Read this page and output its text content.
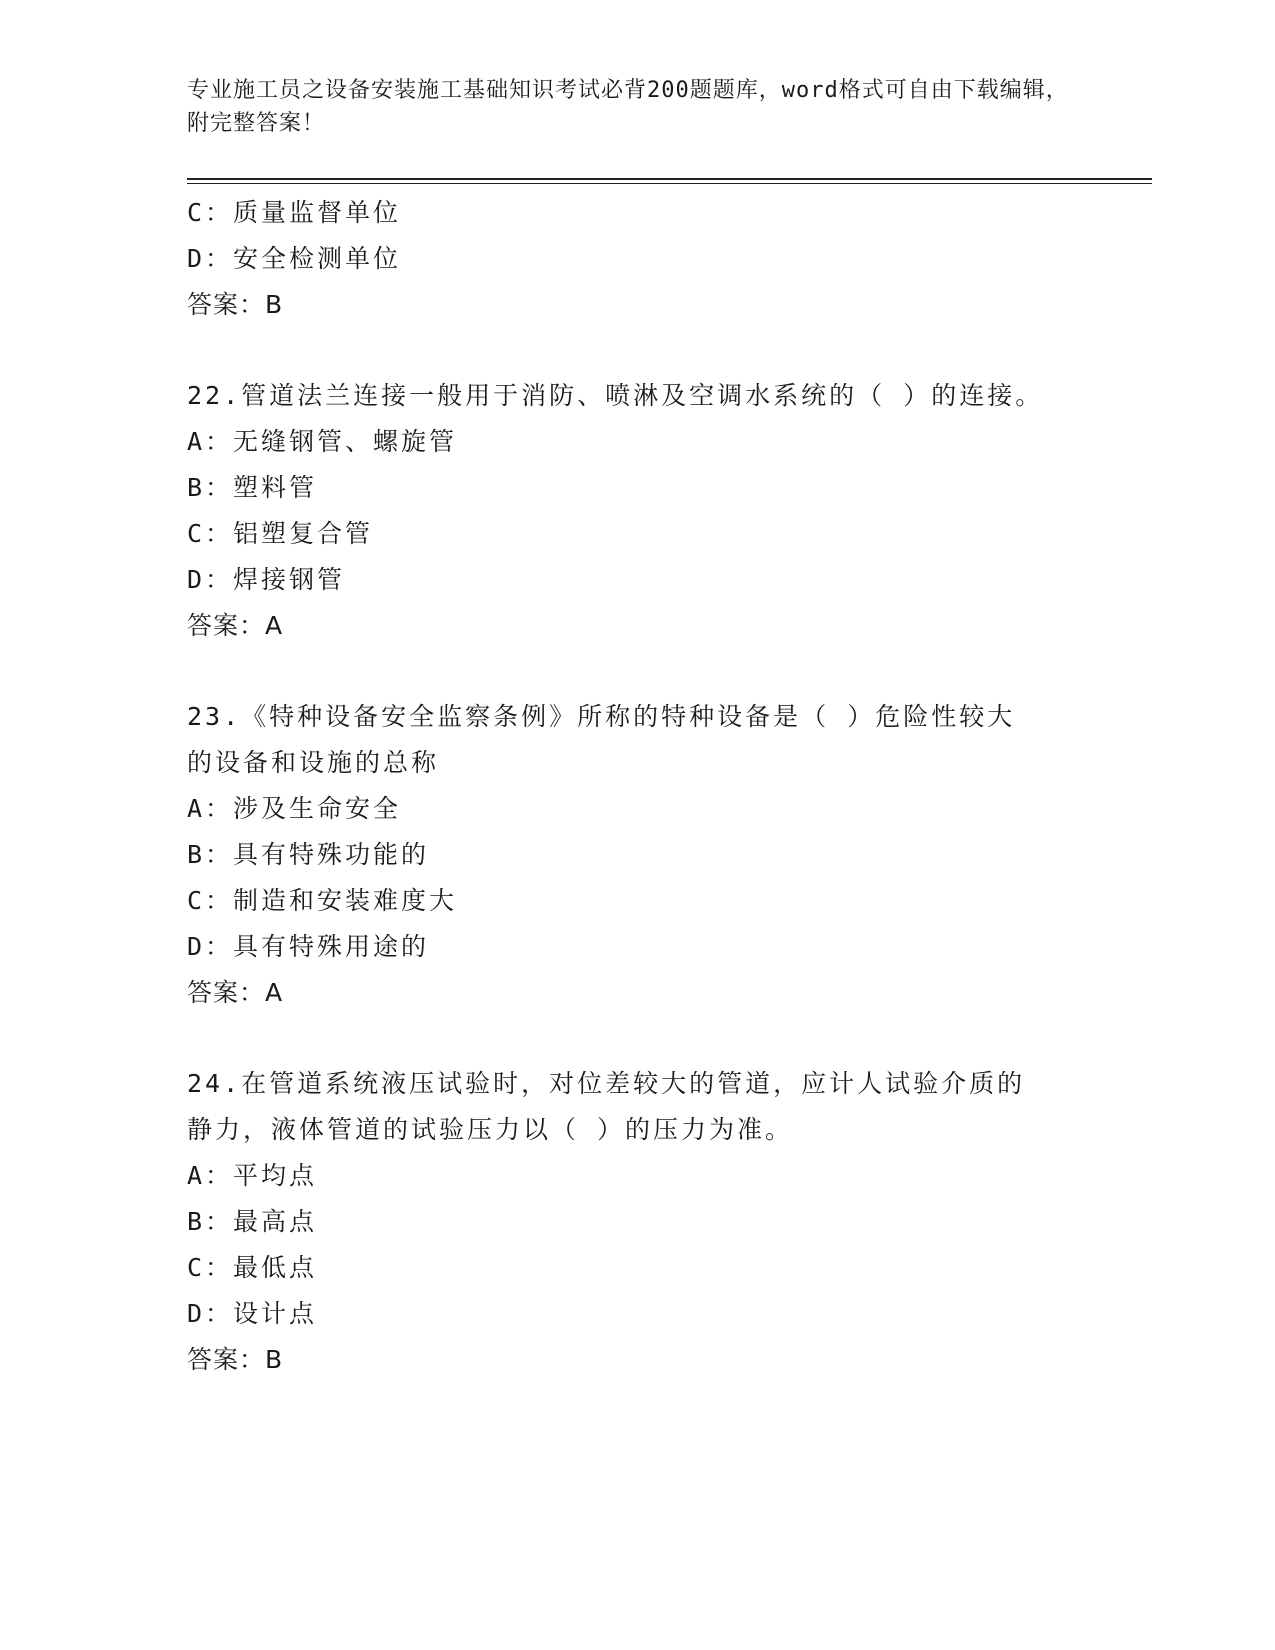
专业施工员之设备安装施工基础知识考试必背200题题库，word格式可自由下载编辑，附完整答案！
C：质量监督单位
D：安全检测单位
答案：B
22.管道法兰连接一般用于消防、喷淋及空调水系统的（ ）的连接。
A：无缝钢管、螺旋管
B：塑料管
C：铝塑复合管
D：焊接钢管
答案：A
23.《特种设备安全监察条例》所称的特种设备是（ ）危险性较大的设备和设施的总称
A：涉及生命安全
B：具有特殊功能的
C：制造和安装难度大
D：具有特殊用途的
答案：A
24.在管道系统液压试验时，对位差较大的管道，应计人试验介质的静力，液体管道的试验压力以（ ）的压力为准。
A：平均点
B：最高点
C：最低点
D：设计点
答案：B
